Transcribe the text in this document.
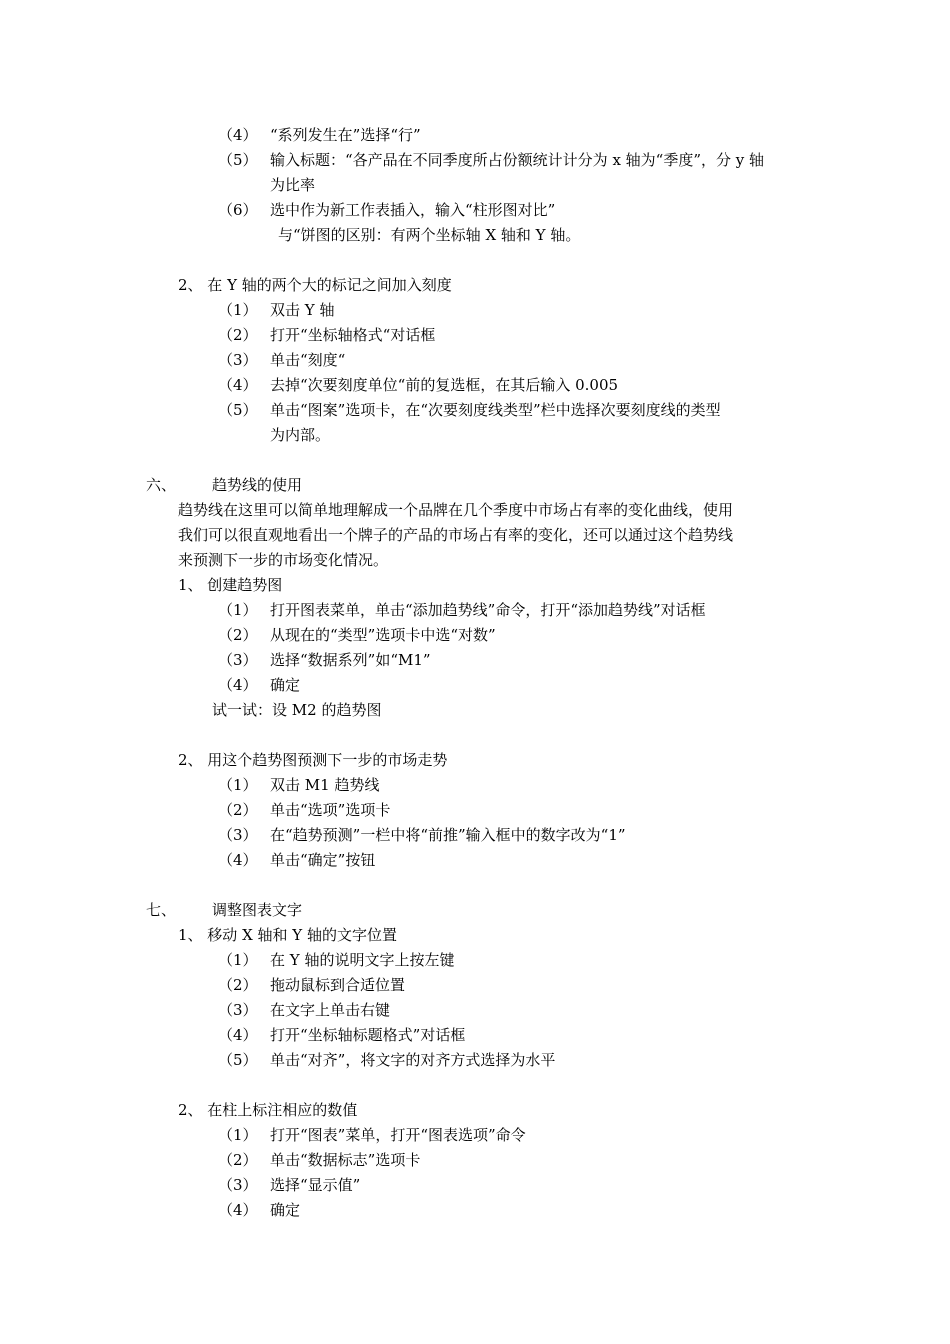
（4） “系列发生在”选择“行”
（5） 输入标题：“各产品在不同季度所占份额统计计分为 x 轴为“季度”，分 y 轴
为比率
（6） 选中作为新工作表插入，输入“柱形图对比”
与“饼图的区别：有两个坐标轴 X 轴和 Y 轴。
2、 在 Y 轴的两个大的标记之间加入刻度
（1） 双击 Y 轴
（2） 打开“坐标轴格式“对话框
（3） 单击“刻度“
（4） 去掉“次要刻度单位“前的复选框，在其后输入 0.005
（5） 单击“图案”选项卡，在“次要刻度线类型”栏中选择次要刻度线的类型
为内部。
六、 趋势线的使用
趋势线在这里可以简单地理解成一个品牌在几个季度中市场占有率的变化曲线，使用
我们可以很直观地看出一个牌子的产品的市场占有率的变化，还可以通过这个趋势线
来预测下一步的市场变化情况。
1、 创建趋势图
（1） 打开图表菜单，单击“添加趋势线”命令，打开“添加趋势线”对话框
（2） 从现在的“类型”选项卡中选“对数”
（3） 选择“数据系列”如“M1”
（4） 确定
试一试：设 M2 的趋势图
2、 用这个趋势图预测下一步的市场走势
（1） 双击 M1 趋势线
（2） 单击“选项”选项卡
（3） 在“趋势预测”一栏中将“前推”输入框中的数字改为“1”
（4） 单击“确定”按钮
七、 调整图表文字
1、 移动 X 轴和 Y 轴的文字位置
（1） 在 Y 轴的说明文字上按左键
（2） 拖动鼠标到合适位置
（3） 在文字上单击右键
（4） 打开“坐标轴标题格式”对话框
（5） 单击“对齐”，将文字的对齐方式选择为水平
2、 在柱上标注相应的数值
（1） 打开“图表”菜单，打开“图表选项”命令
（2） 单击“数据标志”选项卡
（3） 选择“显示值”
（4） 确定
